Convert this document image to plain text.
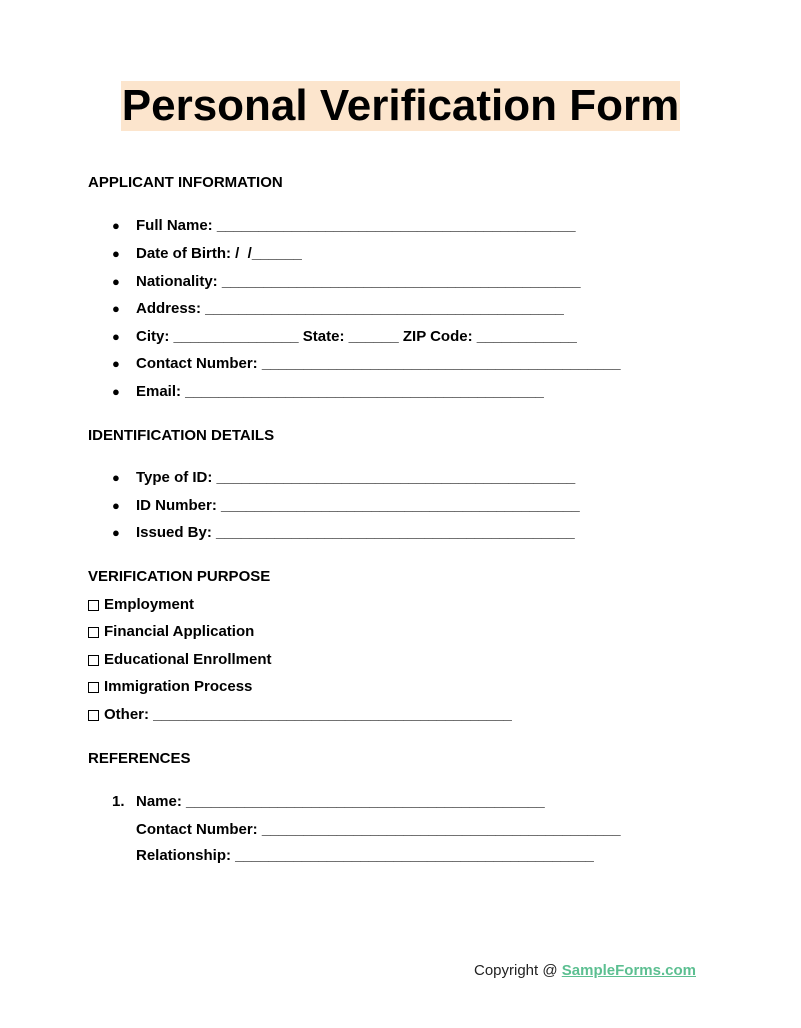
Personal Verification Form
APPLICANT INFORMATION
● Full Name: ___________________________________________
● Date of Birth: /  /______
● Nationality: ___________________________________________
● Address: ___________________________________________
● City: _______________ State: ______ ZIP Code: ____________
● Contact Number: ___________________________________________
● Email: ___________________________________________
IDENTIFICATION DETAILS
● Type of ID: ___________________________________________
● ID Number: ___________________________________________
● Issued By: ___________________________________________
VERIFICATION PURPOSE
Employment
Financial Application
Educational Enrollment
Immigration Process
Other: ___________________________________________
REFERENCES
1. Name: ___________________________________________
Contact Number: ___________________________________________
Relationship: ___________________________________________
Copyright @ SampleForms.com
